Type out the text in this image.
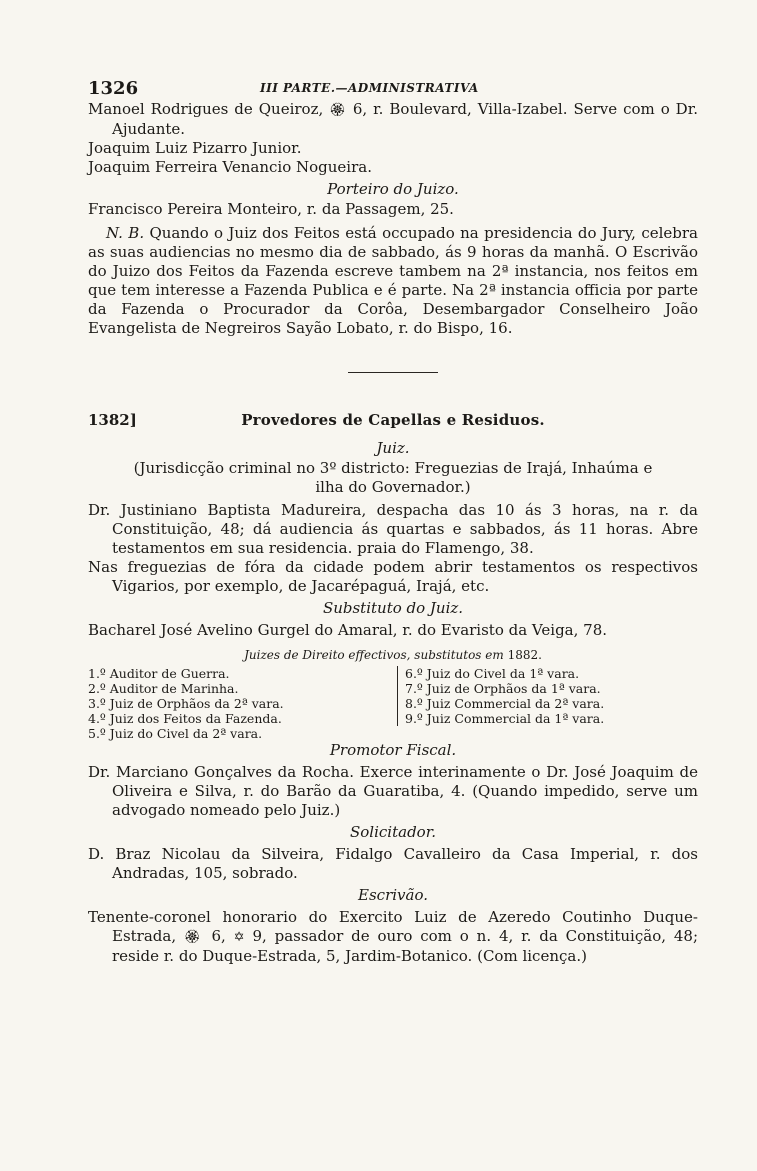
1326	III PARTE.—ADMINISTRATIVA

Manoel Rodrigues de Queiroz, 🏵 6, r. Boulevard, Villa-Izabel. Serve com o Dr. Ajudante.

Joaquim Luiz Pizarro Junior.

Joaquim Ferreira Venancio Nogueira.

Porteiro do Juizo.

Francisco Pereira Monteiro, r. da Passagem, 25.

N. B. Quando o Juiz dos Feitos está occupado na presidencia do Jury, celebra as suas audiencias no mesmo dia de sabbado, ás 9 horas da manhã. O Escrivão do Juizo dos Feitos da Fazenda escreve tambem na 2ª instancia, nos feitos em que tem interesse a Fazenda Publica e é parte. Na 2ª instancia officia por parte da Fazenda o Procurador da Corôa, Desembargador Conselheiro João Evangelista de Negreiros Sayão Lobato, r. do Bispo, 16.

1382]	Provedores de Capellas e Residuos.
Juiz.

(Jurisdicção criminal no 3º districto: Freguezias de Irajá, Inhaúma e ilha do Governador.)

Dr. Justiniano Baptista Madureira, despacha das 10 ás 3 horas, na r. da Constituição, 48; dá audiencia ás quartas e sabbados, ás 11 horas. Abre testamentos em sua residencia. praia do Flamengo, 38.

Nas freguezias de fóra da cidade podem abrir testamentos os respectivos Vigarios, por exemplo, de Jacarépaguá, Irajá, etc.

Substituto do Juiz.

Bacharel José Avelino Gurgel do Amaral, r. do Evaristo da Veiga, 78.

Juizes de Direito effectivos, substitutos em 1882.
1.º Auditor de Guerra.
2.º Auditor de Marinha.
3.º Juiz de Orphãos da 2ª vara.
4.º Juiz dos Feitos da Fazenda.
5.º Juiz do Civel da 2ª vara.
6.º Juiz do Civel da 1ª vara.
7.º Juiz de Orphãos da 1ª vara.
8.º Juiz Commercial da 2ª vara.
9.º Juiz Commercial da 1ª vara.
Promotor Fiscal.

Dr. Marciano Gonçalves da Rocha. Exerce interinamente o Dr. José Joaquim de Oliveira e Silva, r. do Barão da Guaratiba, 4. (Quando impedido, serve um advogado nomeado pelo Juiz.)

Solicitador.

D. Braz Nicolau da Silveira, Fidalgo Cavalleiro da Casa Imperial, r. dos Andradas, 105, sobrado.

Escrivão.

Tenente-coronel honorario do Exercito Luiz de Azeredo Coutinho Duque-Estrada, 🏵 6, ✡ 9, passador de ouro com o n. 4, r. da Constituição, 48; reside r. do Duque-Estrada, 5, Jardim-Botanico. (Com licença.)
